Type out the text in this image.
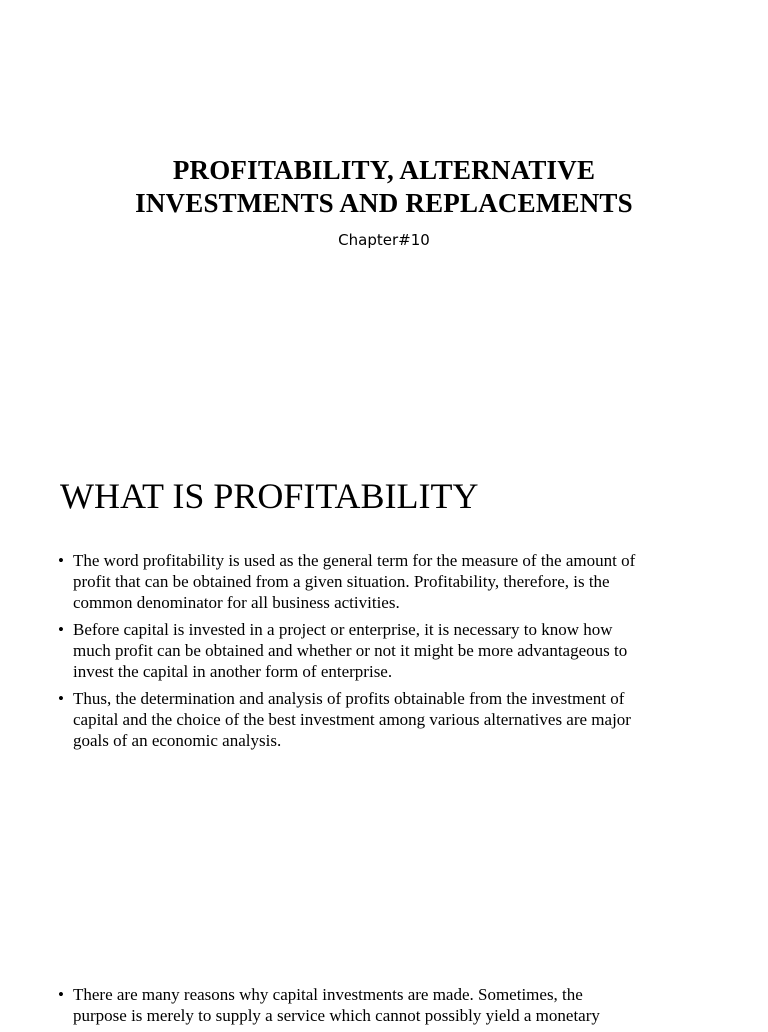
PROFITABILITY, ALTERNATIVE
INVESTMENTS AND REPLACEMENTS
Chapter#10
WHAT IS PROFITABILITY
• The word profitability is used as the general term for the measure of the amount of
profit that can be obtained from a given situation. Profitability, therefore, is the
common denominator for all business activities.
• Before capital is invested in a project or enterprise, it is necessary to know how
much profit can be obtained and whether or not it might be more advantageous to
invest the capital in another form of enterprise.
• Thus, the determination and analysis of profits obtainable from the investment of
capital and the choice of the best investment among various alternatives are major
goals of an economic analysis.
• There are many reasons why capital investments are made. Sometimes, the
purpose is merely to supply a service which cannot possibly yield a monetary
